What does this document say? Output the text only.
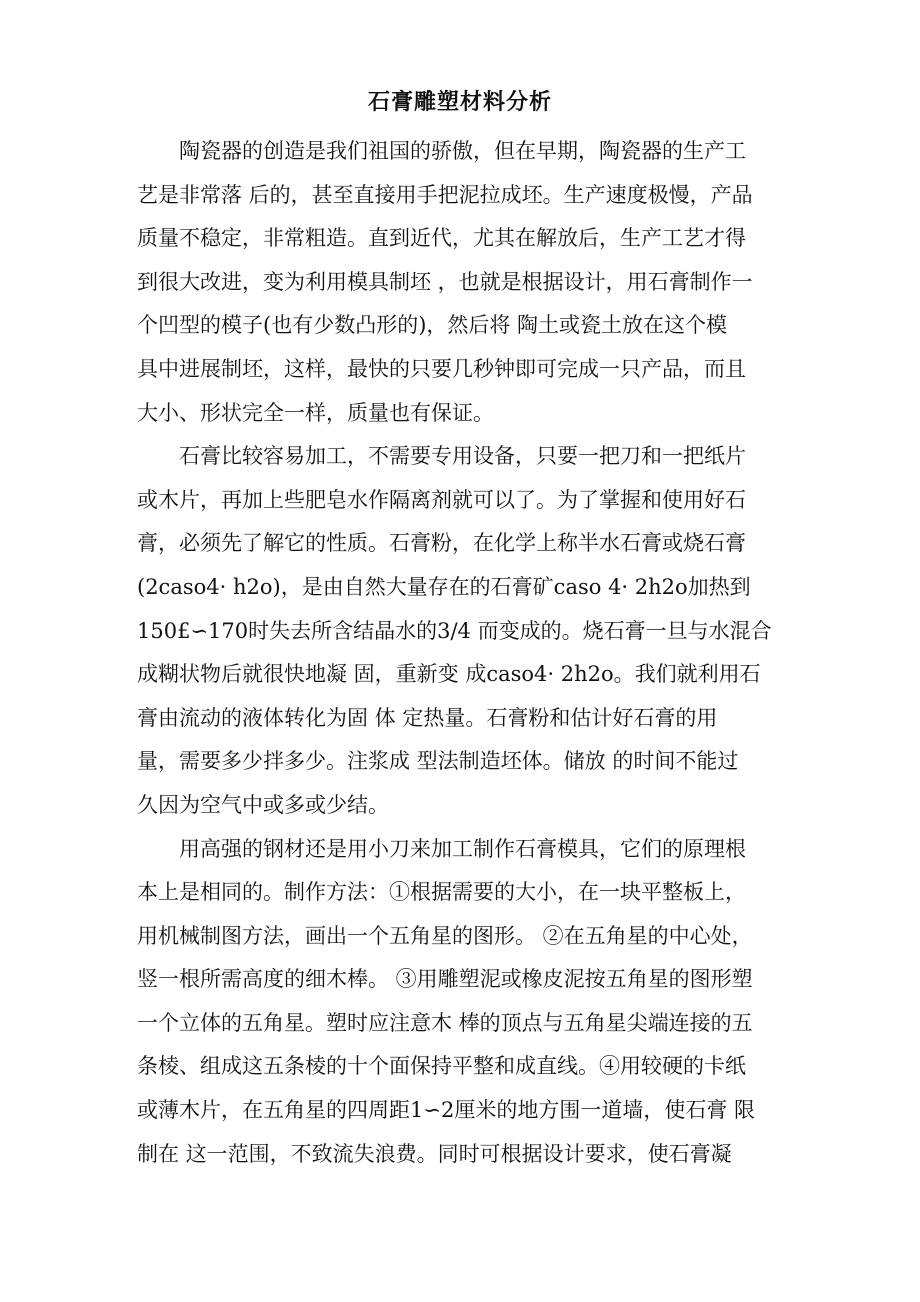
石膏雕塑材料分析

　　陶瓷器的创造是我们祖国的骄傲，但在早期，陶瓷器的生产工
艺是非常落 后的，甚至直接用手把泥拉成坯。生产速度极慢，产品
质量不稳定，非常粗造。直到近代，尤其在解放后，生产工艺才得
到很大改进，变为利用模具制坯 ，也就是根据设计，用石膏制作一
个凹型的模子(也有少数凸形的)，然后将 陶土或瓷土放在这个模
具中进展制坯，这样，最快的只要几秒钟即可完成一只产品，而且
大小、形状完全一样，质量也有保证。

　　石膏比较容易加工，不需要专用设备，只要一把刀和一把纸片
或木片，再加上些肥皂水作隔离剂就可以了。为了掌握和使用好石
膏，必须先了解它的性质。石膏粉，在化学上称半水石膏或烧石膏
(2caso4· h2o)，是由自然大量存在的石膏矿caso 4· 2h2o加热到
150£∽170时失去所含结晶水的3/4 而变成的。烧石膏一旦与水混合
成糊状物后就很快地凝 固，重新变 成caso4· 2h2o。我们就利用石
膏由流动的液体转化为固 体 定热量。石膏粉和估计好石膏的用
量，需要多少拌多少。注浆成 型法制造坯体。储放 的时间不能过
久因为空气中或多或少结。

　　用高强的钢材还是用小刀来加工制作石膏模具，它们的原理根
本上是相同的。制作方法：①根据需要的大小，在一块平整板上，
用机械制图方法，画出一个五角星的图形。 ②在五角星的中心处，
竖一根所需高度的细木棒。 ③用雕塑泥或橡皮泥按五角星的图形塑
一个立体的五角星。塑时应注意木 棒的顶点与五角星尖端连接的五
条棱、组成这五条棱的十个面保持平整和成直线。④用较硬的卡纸
或薄木片，在五角星的四周距1∽2厘米的地方围一道墙，使石膏 限
制在 这一范围，不致流失浪费。同时可根据设计要求，使石膏凝
